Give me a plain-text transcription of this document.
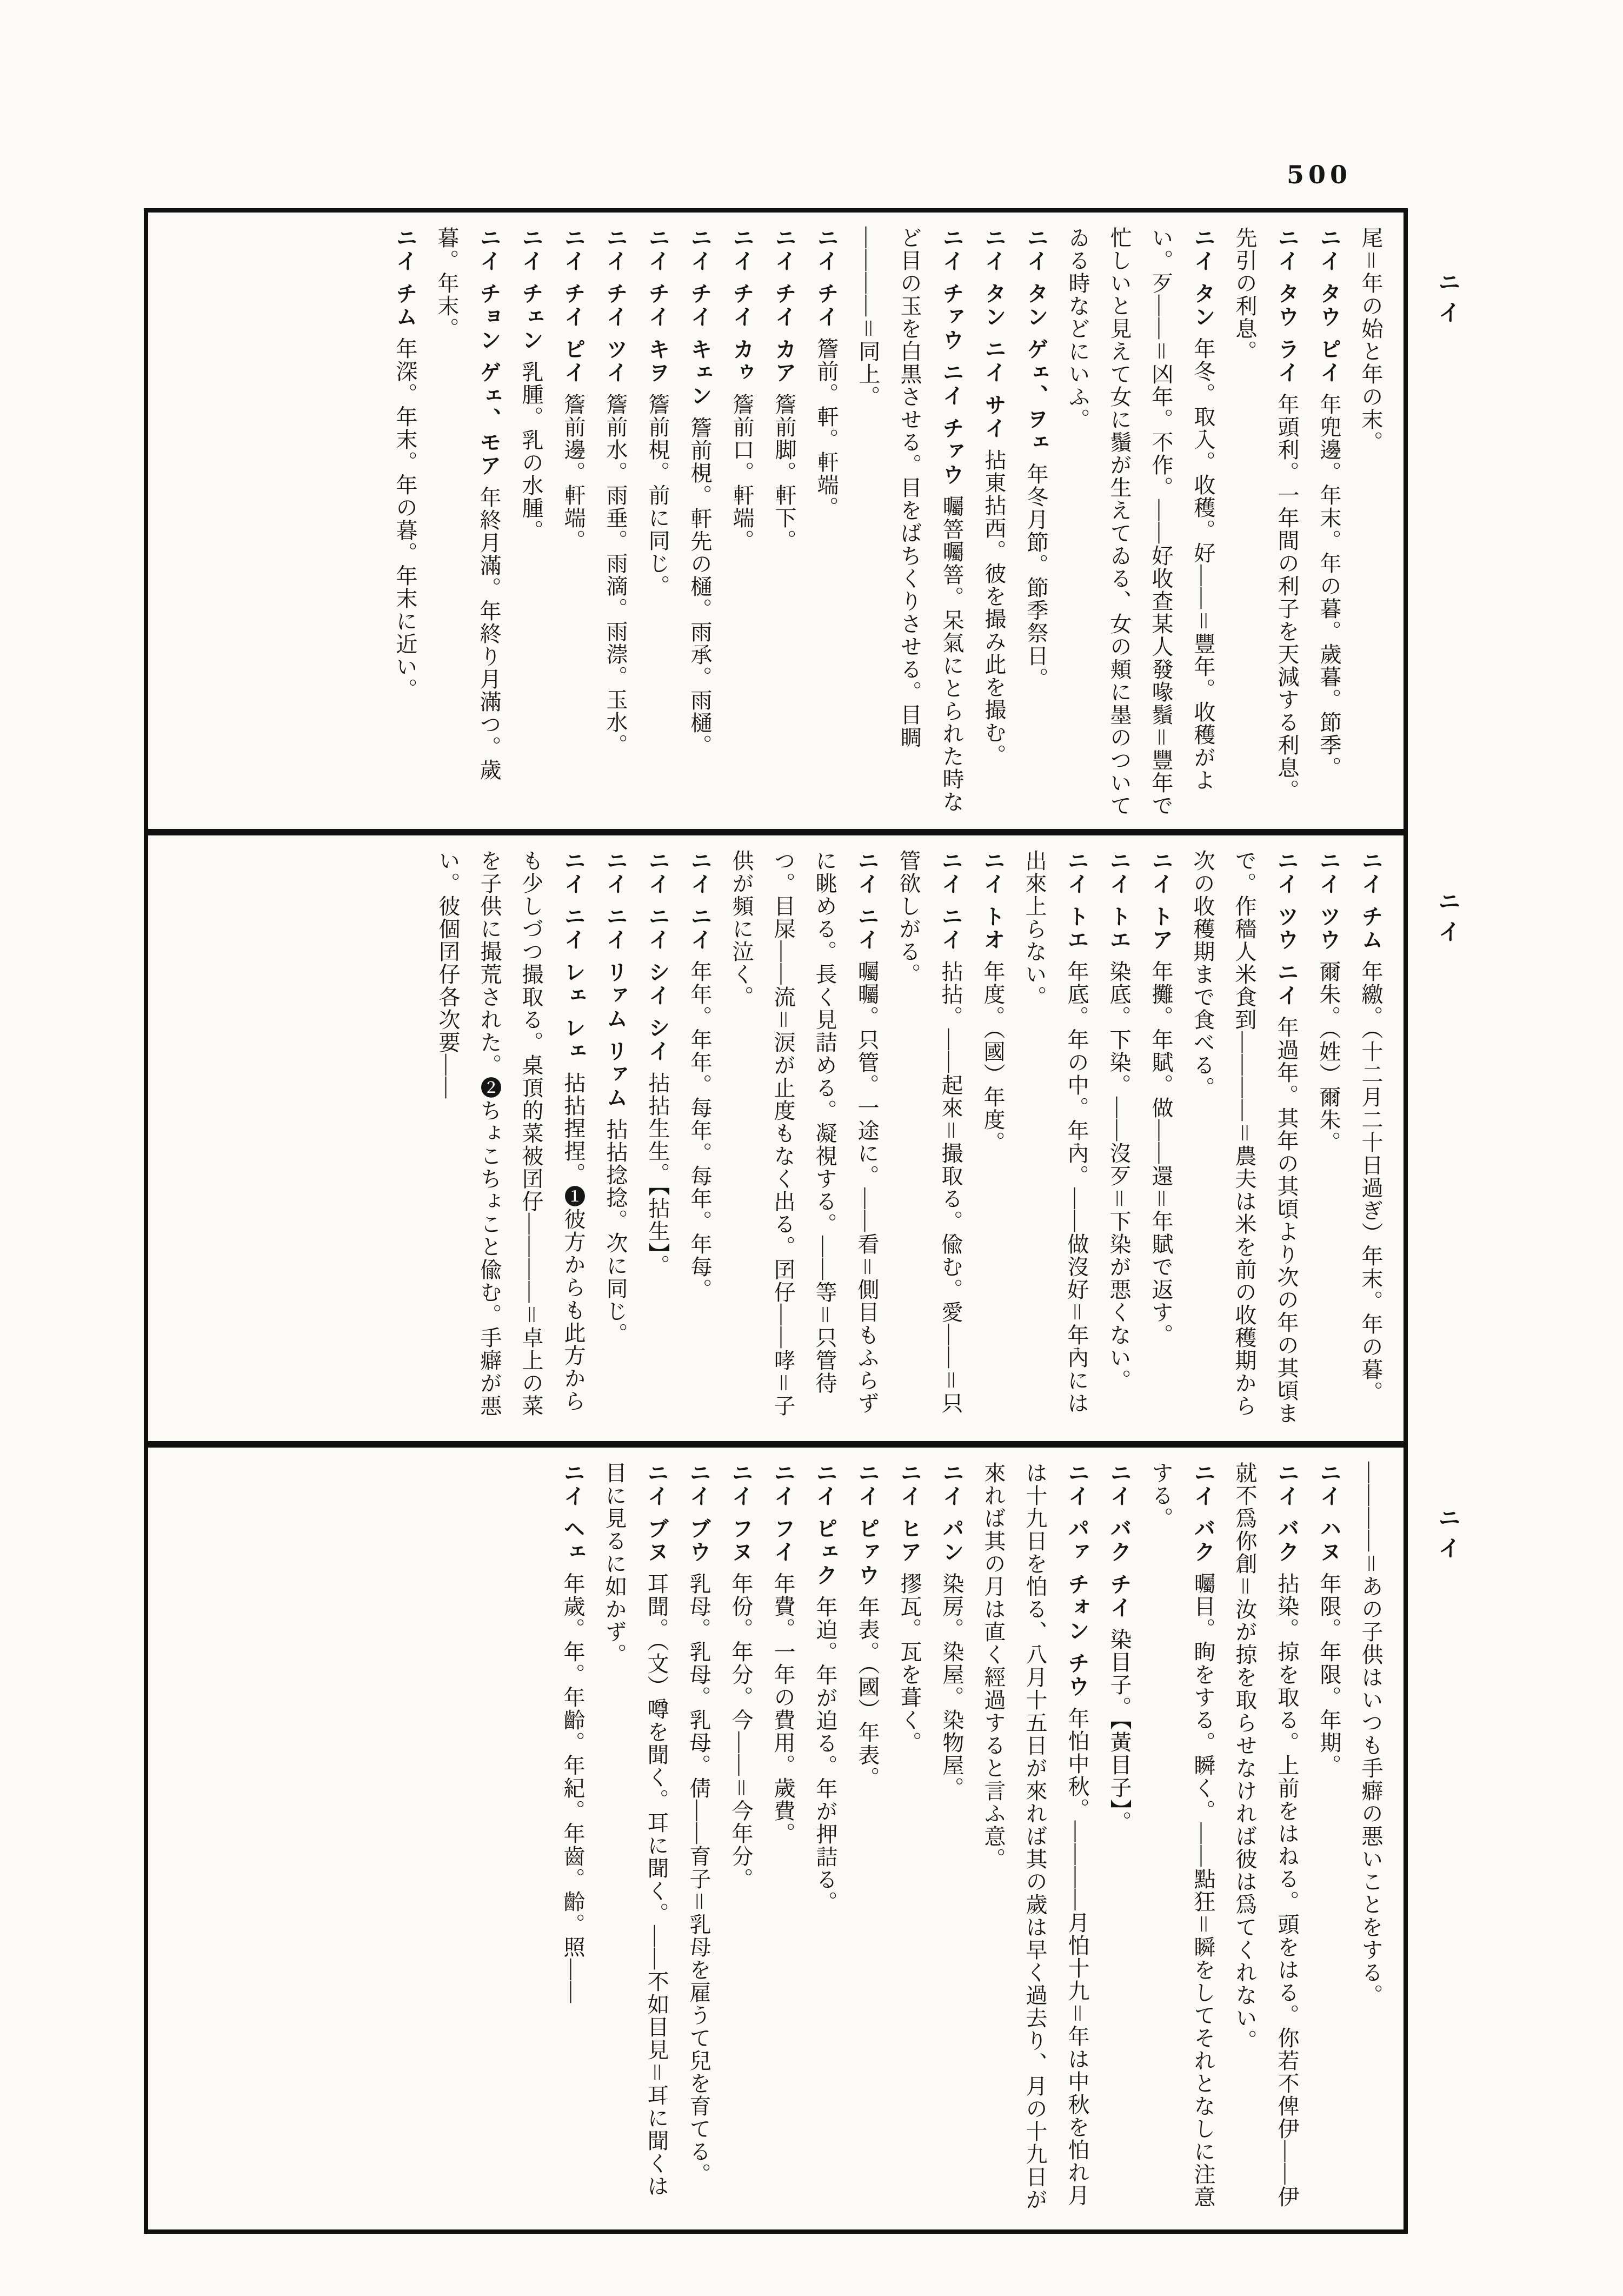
500
ニイ
ニイ
ニイ
尾＝年の始と年の末。
ニイ タウ ピイ年兜邊。年末。年の暮。歲暮。節季。
ニイ タウ ライ年頭利。一年間の利子を天減する利息。先引の利息。
ニイ タン年冬。取入。收穫。好——＝豐年。收穫がよい。歹——＝凶年。不作。——好收查某人發喙鬚＝豐年で忙しいと見えて女に鬚が生えてゐる、女の頬に墨のついてゐる時などにいふ。
ニイ タン ゲェ、ヲェ年冬月節。節季祭日。
ニイ タン ニイ サイ拈東拈西。彼を撮み此を撮む。
ニイ チァウ ニイ チァウ曯箁曯箁。呆氣にとられた時など目の玉を白黒させる。目をばちくりさせる。目睭————＝同上。
ニイ チイ簷前。軒。軒端。
ニイ チイ カア簷前脚。軒下。
ニイ チイ カゥ簷前口。軒端。
ニイ チイ キェン簷前梘。軒先の樋。雨承。雨樋。
ニイ チイ キヲ簷前梘。前に同じ。
ニイ チイ ツイ簷前水。雨垂。雨滴。雨漴。玉水。
ニイ チイ ピイ簷前邊。軒端。
ニイ チェン乳腫。乳の水腫。
ニイ チョン ゲェ、モア年終月滿。年終り月滿つ。歲暮。年末。
ニイ チム年深。年末。年の暮。年末に近い。
ニイ チム年繳。（十二月二十日過ぎ）年末。年の暮。
ニイ ツウ爾朱。（姓）爾朱。
ニイ ツウ ニイ年過年。其年の其頃より次の年の其頃まで。作穡人米食到————＝農夫は米を前の收穫期から次の收穫期まで食べる。
ニイ トア年攤。年賦。做——還＝年賦で返す。
ニイ トエ染底。下染。——沒歹＝下染が悪くない。
ニイ トエ年底。年の中。年內。——做沒好＝年內には出來上らない。
ニイ トオ年度。（國）年度。
ニイ ニイ拈拈。——起來＝撮取る。偸む。愛——＝只管欲しがる。
ニイ ニイ曯曯。只管。一途に。——看＝側目もふらずに眺める。長く見詰める。凝視する。——等＝只管待つ。目屎——流＝涙が止度もなく出る。囝仔——哮＝子供が頻に泣く。
ニイ ニイ年年。年年。每年。每年。年每。
ニイ ニイ シイ シイ拈拈生生。【拈生】。
ニイ ニイ リァム リァム拈拈捻捻。次に同じ。
ニイ ニイ レェ レェ拈拈捏捏。❶彼方からも此方からも少しづつ撮取る。桌頂的菜被囝仔————＝卓上の菜を子供に撮荒された。❷ちょこちょこと偸む。手癖が悪い。彼個囝仔各次要——
————＝あの子供はいつも手癖の悪いことをする。
ニイ ハヌ年限。年限。年期。
ニイ バク拈染。掠を取る。上前をはねる。頭をはる。你若不俾伊——伊就不爲你創＝汝が掠を取らせなければ彼は爲てくれない。
ニイ バク曯目。眴をする。瞬く。——點狂＝瞬をしてそれとなしに注意する。
ニイ バク チイ染目子。【黃目子】。
ニイ パァ チォン チウ年怕中秋。————月怕十九＝年は中秋を怕れ月は十九日を怕る、八月十五日が來れば其の歲は早く過去り、月の十九日が來れば其の月は直く經過すると言ふ意。
ニイ パン染房。染屋。染物屋。
ニイ ヒア摎瓦。瓦を葺く。
ニイ ピァウ年表。（國）年表。
ニイ ピェク年迫。年が迫る。年が押詰る。
ニイ フイ年費。一年の費用。歲費。
ニイ フヌ年份。年分。今——＝今年分。
ニイ ブウ乳母。乳母。乳母。倩——育子＝乳母を雇うて兒を育てる。
ニイ ブヌ耳聞。（文）噂を聞く。耳に聞く。——不如目見＝耳に聞くは目に見るに如かず。
ニイ ヘェ年歲。年。年齡。年紀。年齒。齡。照——
